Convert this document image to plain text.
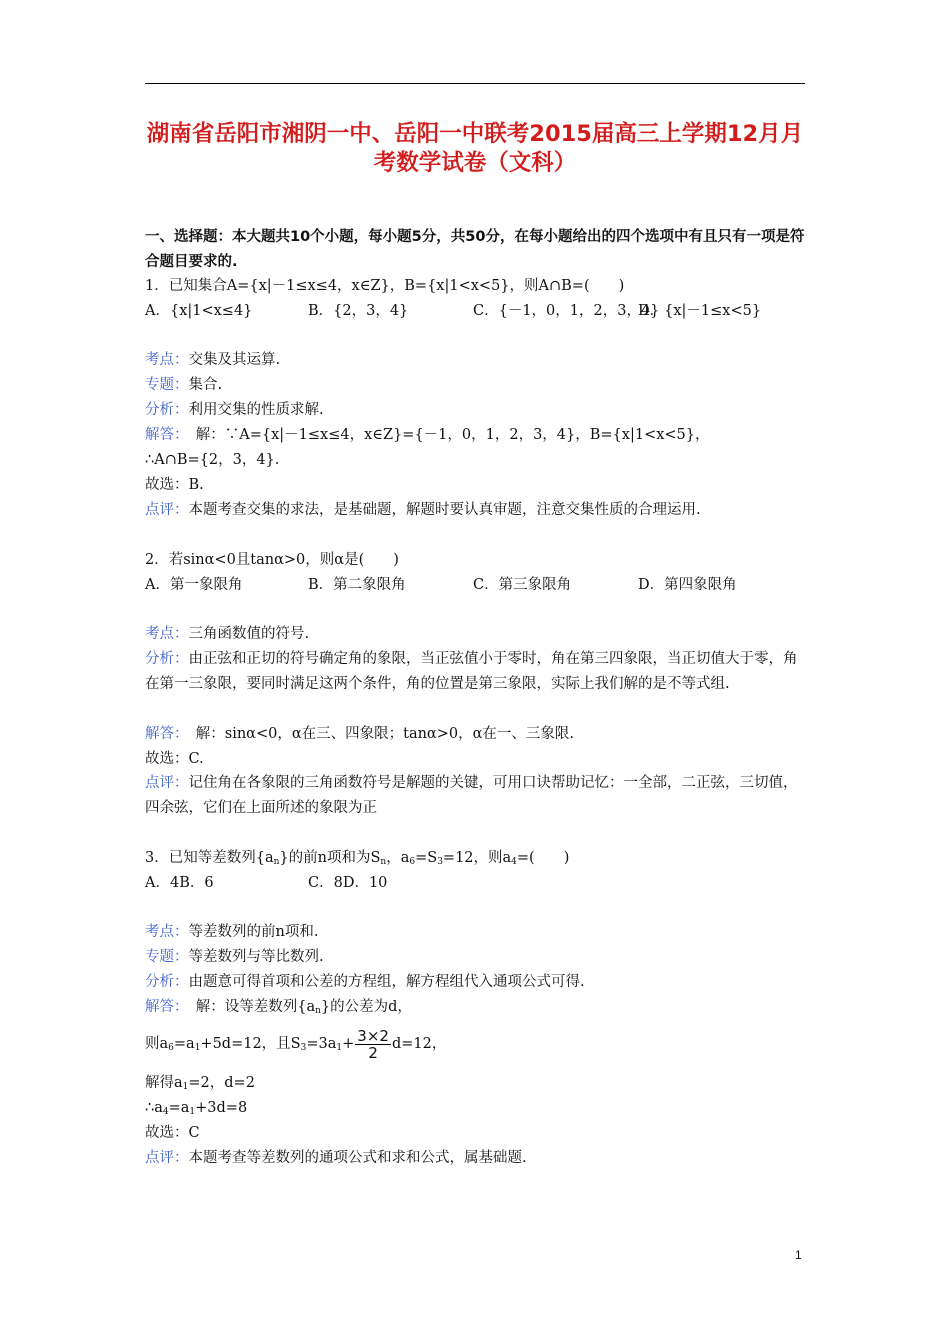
湖南省岳阳市湘阴一中、岳阳一中联考2015届高三上学期12月月考数学试卷（文科）
一、选择题：本大题共10个小题，每小题5分，共50分，在每小题给出的四个选项中有且只有一项是符合题目要求的.
1．已知集合A={x|－1≤x≤4，x∈Z}，B={x|1<x<5}，则A∩B=(　　)
A．{x|1<x≤4}	B．{2，3，4}	C．{－1，0，1，2，3，4}D．{x|－1≤x<5}
考点：交集及其运算.
专题：集合.
分析：利用交集的性质求解.
解答：　解：∵A={x|－1≤x≤4，x∈Z}={－1，0，1，2，3，4}，B={x|1<x<5}，
∴A∩B={2，3，4}.
故选：B.
点评：本题考查交集的求法，是基础题，解题时要认真审题，注意交集性质的合理运用.
2．若sinα<0且tanα>0，则α是(　　)
A．第一象限角	B．第二象限角	C．第三象限角	D．第四象限角
考点：三角函数值的符号.
分析：由正弦和正切的符号确定角的象限，当正弦值小于零时，角在第三四象限，当正切值大于零，角在第一三象限，要同时满足这两个条件，角的位置是第三象限，实际上我们解的是不等式组.
解答：　解：sinα<0，α在三、四象限；tanα>0，α在一、三象限.
故选：C.
点评：记住角在各象限的三角函数符号是解题的关键，可用口诀帮助记忆：一全部，二正弦，三切值，四余弦，它们在上面所述的象限为正
3．已知等差数列$\{a_n\}$的前n项和为$S_n$，$a_6=S_3=12$，则$a_4=$(　　)
A．4B．6	C．8D．10
考点：等差数列的前n项和.
专题：等差数列与等比数列.
分析：由题意可得首项和公差的方程组，解方程组代入通项公式可得.
解答：　解：设等差数列$\{a_n\}$的公差为d，
则$a_6=a_1+5d=12$，且$S_3=3a_1+ \frac{3\times 2}{2} d=12$，
解得$a_1=2$，d=2
$\therefore a_4=a_1+3d=8$
故选：C
点评：本题考查等差数列的通项公式和求和公式，属基础题.
1
